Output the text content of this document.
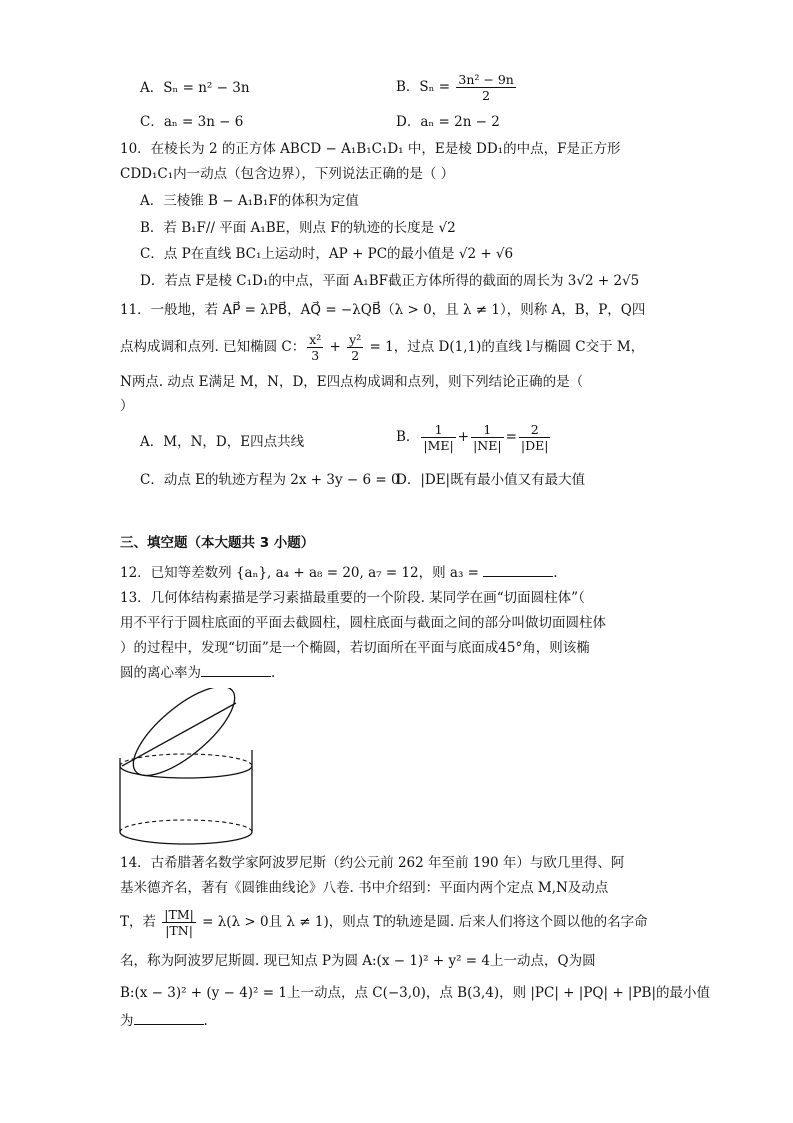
A．Sₙ = n² − 3n	B．$S_n = \frac{\text{3n² − 9n}}{2}$
C．aₙ = 3n − 6	D．aₙ = 2n − 2
10．在棱长为 2 的正方体 ABCD − A₁B₁C₁D₁ 中，E是棱 DD₁的中点，F是正方形
CDD₁C₁内一动点（包含边界），下列说法正确的是（ ）
A．三棱锥 B − A₁B₁F的体积为定值
B．若 B₁F// 平面 A₁BE，则点 F的轨迹的长度是 √2
C．点 P在直线 BC₁上运动时，AP + PC的最小值是 √2 + √6
D．若点 F是棱 C₁D₁的中点，平面 A₁BF截正方体所得的截面的周长为 3√2 + 2√5
11．一般地，若 AP⃗ = λPB⃗，AQ⃗ = −λQB⃗（λ > 0，且 λ ≠ 1），则称 A，B，P，Q四
点构成调和点列. 已知椭圆 C： $\frac{\text{x²}}{3} + \frac{\text{y²}}{2} = 1$，过点 D(1,1)的直线 l与椭圆 C交于 M，
N两点. 动点 E满足 M，N，D，E四点构成调和点列，则下列结论正确的是（
）
A．M，N，D，E四点共线	B． $\frac{1}{|ME|} + \frac{1}{|NE|} = \frac{2}{|DE|}$
C．动点 E的轨迹方程为 2x + 3y − 6 = 0
D．|DE|既有最小值又有最大值
三、填空题（本大题共 3 小题）
12．已知等差数列 {aₙ}, a₄ + a₈ = 20, a₇ = 12，则 a₃ =	.
13．几何体结构素描是学习素描最重要的一个阶段. 某同学在画“切面圆柱体”（
用不平行于圆柱底面的平面去截圆柱，圆柱底面与截面之间的部分叫做切面圆柱体
）的过程中，发现“切面”是一个椭圆，若切面所在平面与底面成45°角，则该椭
圆的离心率为	.
14．古希腊著名数学家阿波罗尼斯（约公元前 262 年至前 190 年）与欧几里得、阿
基米德齐名，著有《圆锥曲线论》八卷. 书中介绍到：平面内两个定点 M,N及动点
T，若 $\frac{|TM|}{|TN|} = \lambda(\lambda > 0$且 λ ≠ 1)，则点 T的轨迹是圆. 后来人们将这个圆以他的名字命
名，称为阿波罗尼斯圆. 现已知点 P为圆 A:(x − 1)² + y² = 4上一动点，Q为圆
B:(x − 3)² + (y − 4)² = 1上一动点，点 C(−3,0)，点 B(3,4)，则 |PC| + |PQ| + |PB|的最小值
为	.
